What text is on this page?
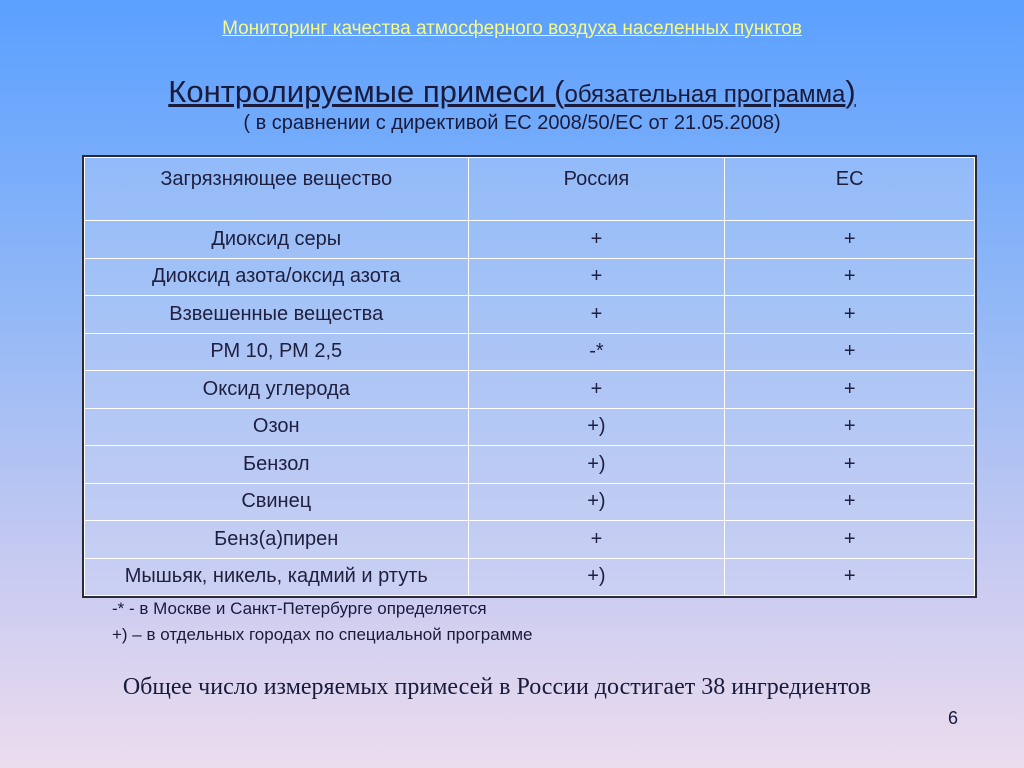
Мониторинг качества атмосферного воздуха населенных пунктов
Контролируемые примеси (обязательная программа)
( в сравнении с директивой ЕС 2008/50/ЕС от 21.05.2008)
Загрязняющее вещество	Россия	ЕС
Диоксид серы	+	+
Диоксид азота/оксид азота	+	+
Взвешенные вещества	+	+
РМ 10, РМ 2,5	-*	+
Оксид углерода	+	+
Озон	+)	+
Бензол	+)	+
Свинец	+)	+
Бенз(а)пирен	+	+
Мышьяк, никель, кадмий и ртуть	+)	+
-* - в Москве и Санкт-Петербурге определяется
+) – в отдельных городах по специальной программе
Общее число измеряемых примесей в России достигает 38 ингредиентов
6
